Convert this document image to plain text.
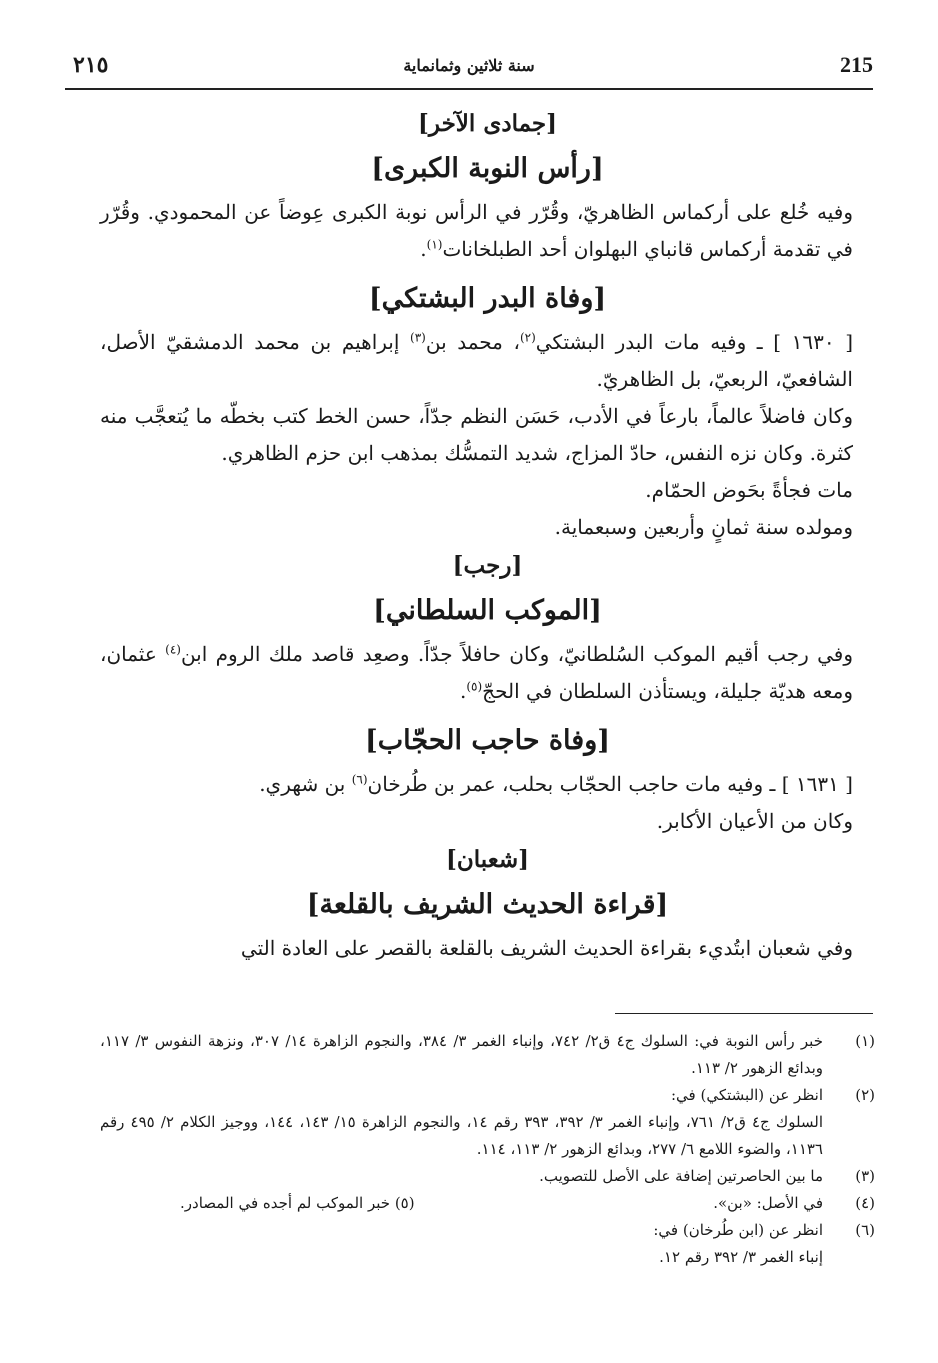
215
سنة ثلاثين وثمانماية
٢١٥
[جمادى الآخر]
[رأس النوبة الكبرى]

وفيه خُلع على أركماس الظاهريّ، وقُرّر في الرأس نوبة الكبرى عِوضاً عن المحمودي. وقُرّر في تقدمة أركماس قانباي البهلوان أحد الطبلخانات$^{(١)}$.

[وفاة البدر البشتكي]

[ ١٦٣٠ ] ـ وفيه مات البدر البشتكي$^{(٢)}$، محمد بن$^{(٣)}$ إبراهيم بن محمد الدمشقيّ الأصل، الشافعيّ، الربعيّ، بل الظاهريّ.

وكان فاضلاً عالماً، بارعاً في الأدب، حَسَن النظم جدّاً، حسن الخط كتب بخطّه ما يُتعجَّب منه كثرة. وكان نزه النفس، حادّ المزاج، شديد التمسُّك بمذهب ابن حزم الظاهري.

مات فجأةً بحَوض الحمّام.

ومولده سنة ثمانٍ وأربعين وسبعماية.

[رجب]
[الموكب السلطاني]

وفي رجب أقيم الموكب السُلطانيّ، وكان حافلاً جدّاً. وصعِد قاصد ملك الروم ابن$^{(٤)}$ عثمان، ومعه هديّة جليلة، ويستأذن السلطان في الحجّ$^{(٥)}$.

[وفاة حاجب الحجّاب]

[ ١٦٣١ ] ـ وفيه مات حاجب الحجّاب بحلب، عمر بن طُرخان$^{(٦)}$ بن شهري.

وكان من الأعيان الأكابر.

[شعبان]
[قراءة الحديث الشريف بالقلعة]

وفي شعبان ابتُديء بقراءة الحديث الشريف بالقلعة بالقصر على العادة التي

(١)
خبر رأس النوبة في: السلوك ج٤ ق٢/ ٧٤٢، وإنباء الغمر ٣/ ٣٨٤، والنجوم الزاهرة ١٤/ ٣٠٧، ونزهة النفوس ٣/ ١١٧، وبدائع الزهور ٢/ ١١٣.
(٢)
انظر عن (البشتكي) في:
السلوك ج٤ ق٢/ ٧٦١، وإنباء الغمر ٣/ ٣٩٢، ٣٩٣ رقم ١٤، والنجوم الزاهرة ١٥/ ١٤٣، ١٤٤، ووجيز الكلام ٢/ ٤٩٥ رقم ١١٣٦، والضوء اللامع ٦/ ٢٧٧، وبدائع الزهور ٢/ ١١٣، ١١٤.
(٣)
ما بين الحاصرتين إضافة على الأصل للتصويب.
(٤)
في الأصل: «بن».
(٥) خبر الموكب لم أجده في المصادر.
(٦)
انظر عن (ابن طُرخان) في:
إنباء الغمر ٣/ ٣٩٢ رقم ١٢.
